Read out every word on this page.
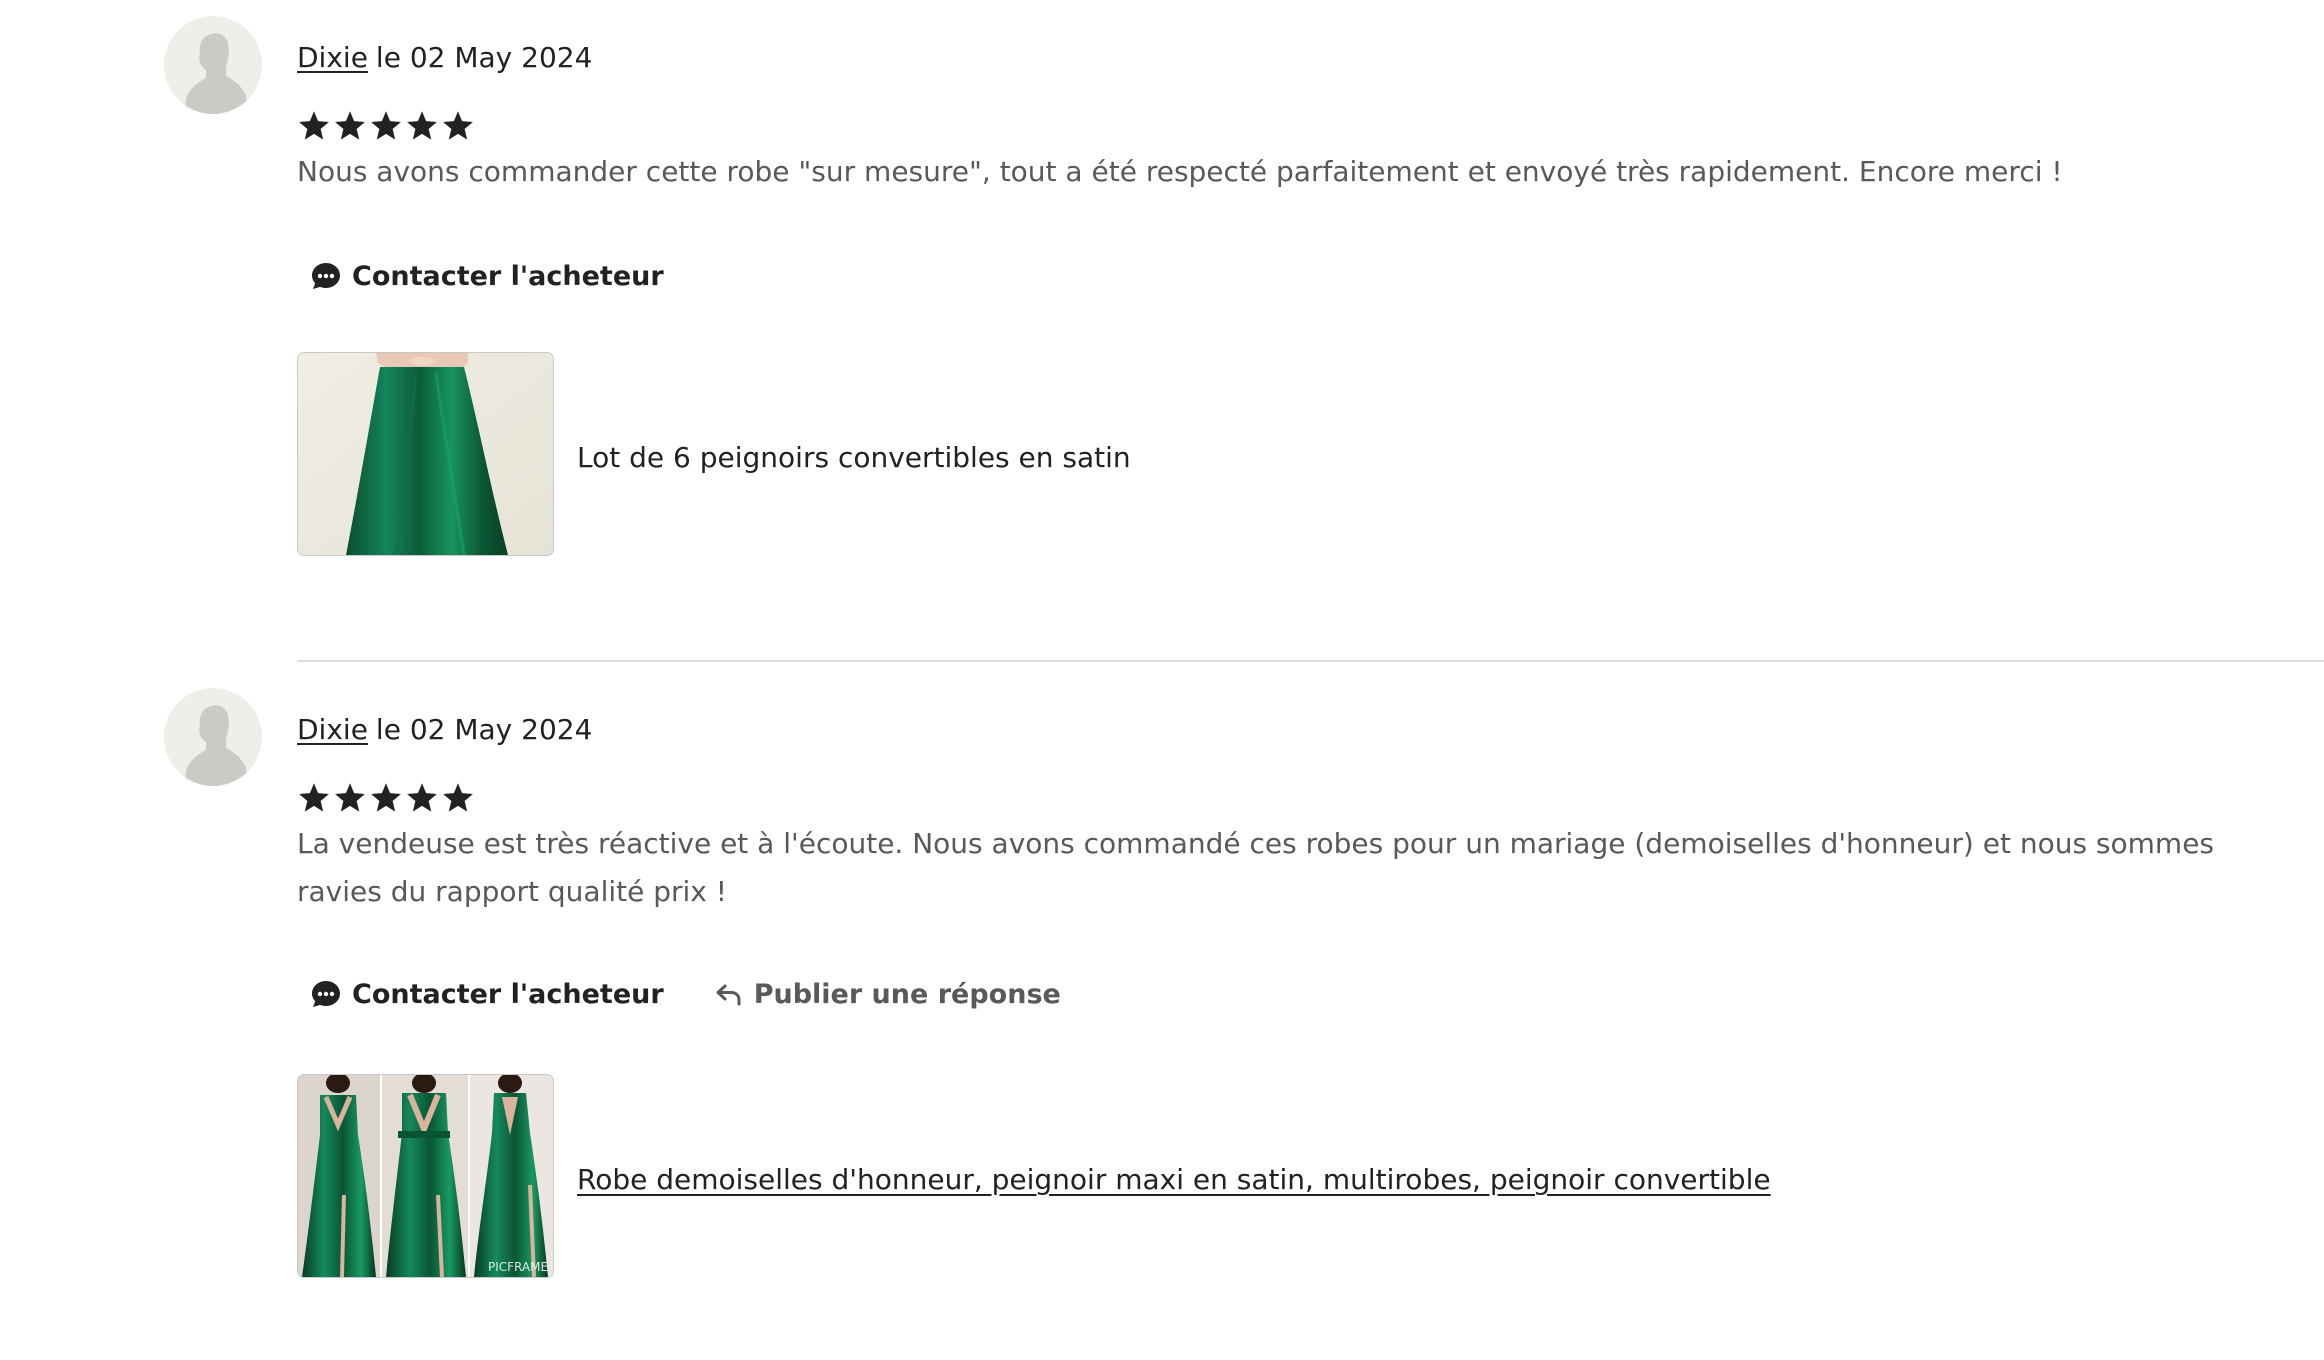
Dixie le 02 May 2024
Nous avons commander cette robe "sur mesure", tout a été respecté parfaitement et envoyé très rapidement. Encore merci !
Contacter l'acheteur
Lot de 6 peignoirs convertibles en satin
Dixie le 02 May 2024
La vendeuse est très réactive et à l'écoute. Nous avons commandé ces robes pour un mariage (demoiselles d'honneur) et nous sommes ravies du rapport qualité prix !
Contacter l'acheteur	Publier une réponse
PICFRAME
Robe demoiselles d'honneur, peignoir maxi en satin, multirobes, peignoir convertible
